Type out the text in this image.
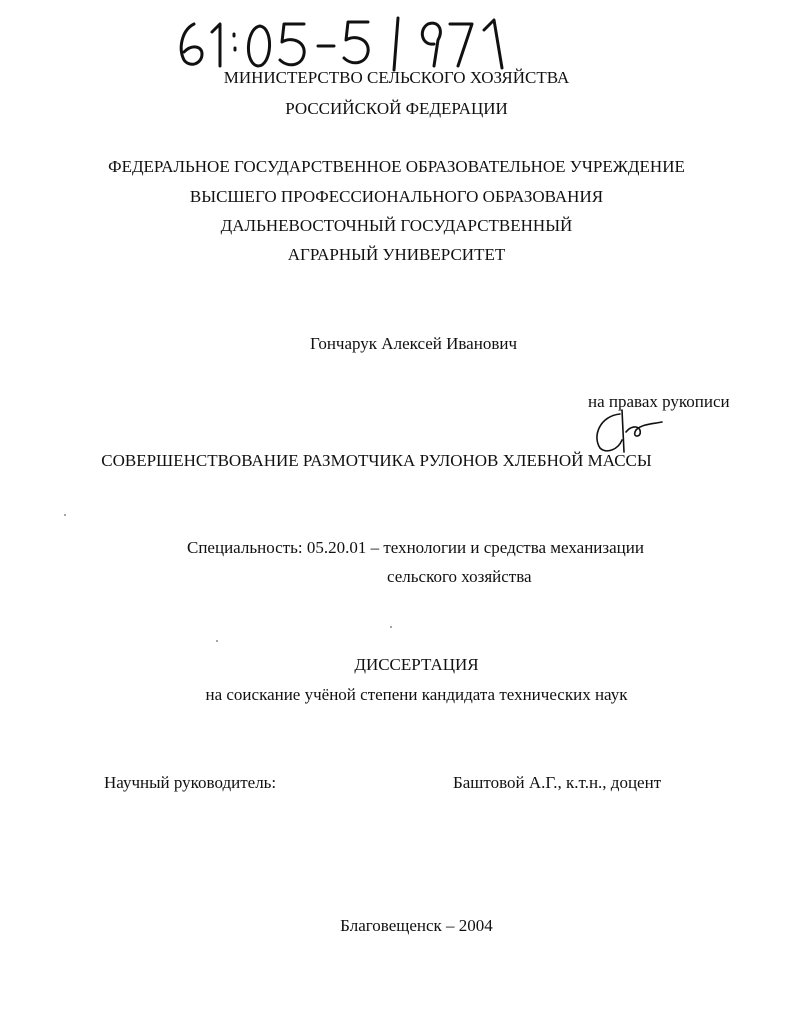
МИНИСТЕРСТВО СЕЛЬСКОГО ХОЗЯЙСТВА
РОССИЙСКОЙ ФЕДЕРАЦИИ
ФЕДЕРАЛЬНОЕ ГОСУДАРСТВЕННОЕ ОБРАЗОВАТЕЛЬНОЕ УЧРЕЖДЕНИЕ
ВЫСШЕГО ПРОФЕССИОНАЛЬНОГО ОБРАЗОВАНИЯ
ДАЛЬНЕВОСТОЧНЫЙ ГОСУДАРСТВЕННЫЙ
АГРАРНЫЙ УНИВЕРСИТЕТ
Гончарук Алексей Иванович
на правах рукописи
СОВЕРШЕНСТВОВАНИЕ РАЗМОТЧИКА РУЛОНОВ ХЛЕБНОЙ МАССЫ
Специальность: 05.20.01 – технологии и средства механизации
сельского хозяйства
ДИССЕРТАЦИЯ
на соискание учёной степени кандидата технических наук
Научный руководитель:	Баштовой А.Г., к.т.н., доцент
Благовещенск – 2004
